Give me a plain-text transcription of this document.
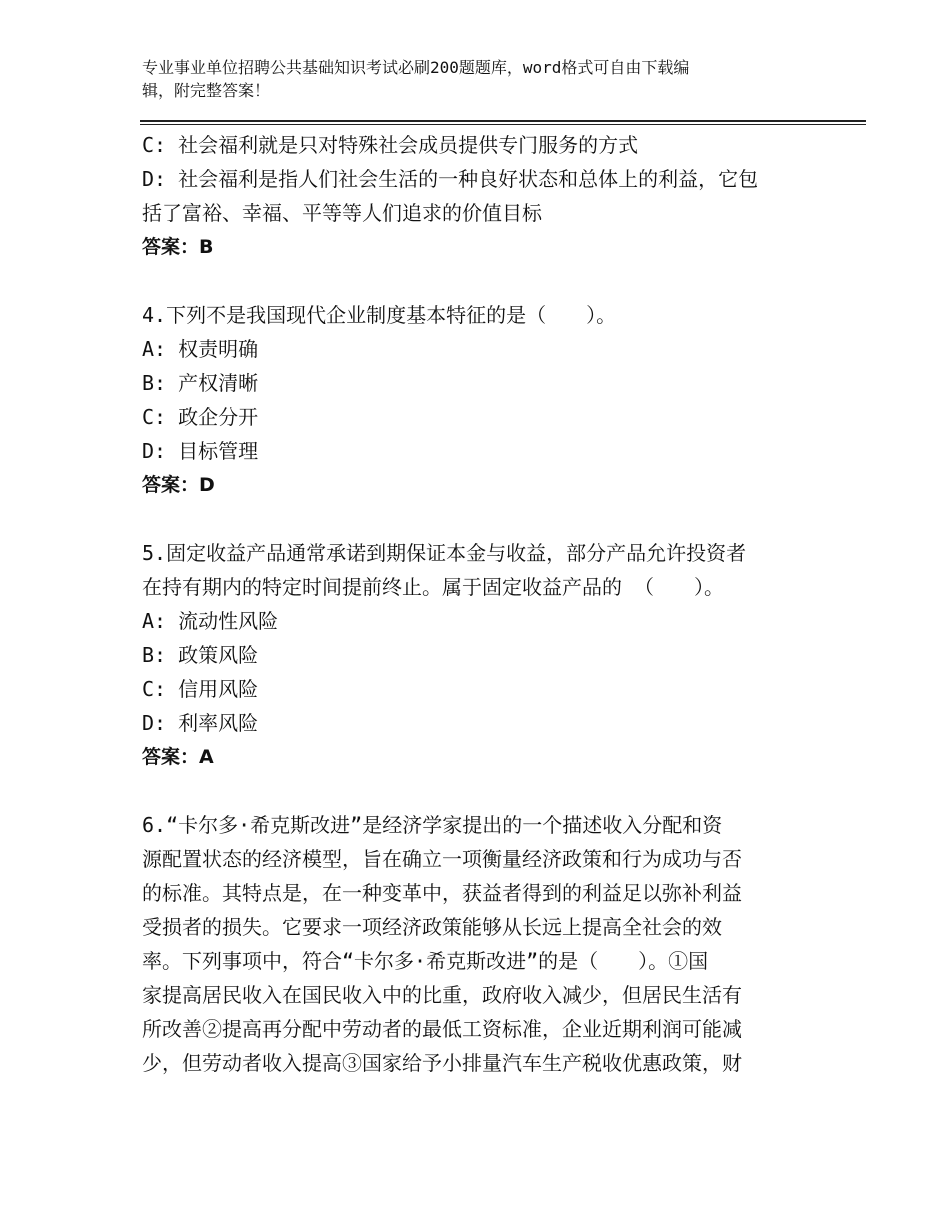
专业事业单位招聘公共基础知识考试必刷200题题库，word格式可自由下载编
辑，附完整答案！
C: 社会福利就是只对特殊社会成员提供专门服务的方式
D: 社会福利是指人们社会生活的一种良好状态和总体上的利益，它包
括了富裕、幸福、平等等人们追求的价值目标
答案：B
4.下列不是我国现代企业制度基本特征的是（　　）。
A: 权责明确
B: 产权清晰
C: 政企分开
D: 目标管理
答案：D
5.固定收益产品通常承诺到期保证本金与收益，部分产品允许投资者
在持有期内的特定时间提前终止。属于固定收益产品的 （　　）。
A: 流动性风险
B: 政策风险
C: 信用风险
D: 利率风险
答案：A
6.“卡尔多·希克斯改进”是经济学家提出的一个描述收入分配和资
源配置状态的经济模型，旨在确立一项衡量经济政策和行为成功与否
的标准。其特点是，在一种变革中，获益者得到的利益足以弥补利益
受损者的损失。它要求一项经济政策能够从长远上提高全社会的效
率。下列事项中，符合“卡尔多·希克斯改进”的是（　　）。①国
家提高居民收入在国民收入中的比重，政府收入减少，但居民生活有
所改善②提高再分配中劳动者的最低工资标准，企业近期利润可能减
少，但劳动者收入提高③国家给予小排量汽车生产税收优惠政策，财
